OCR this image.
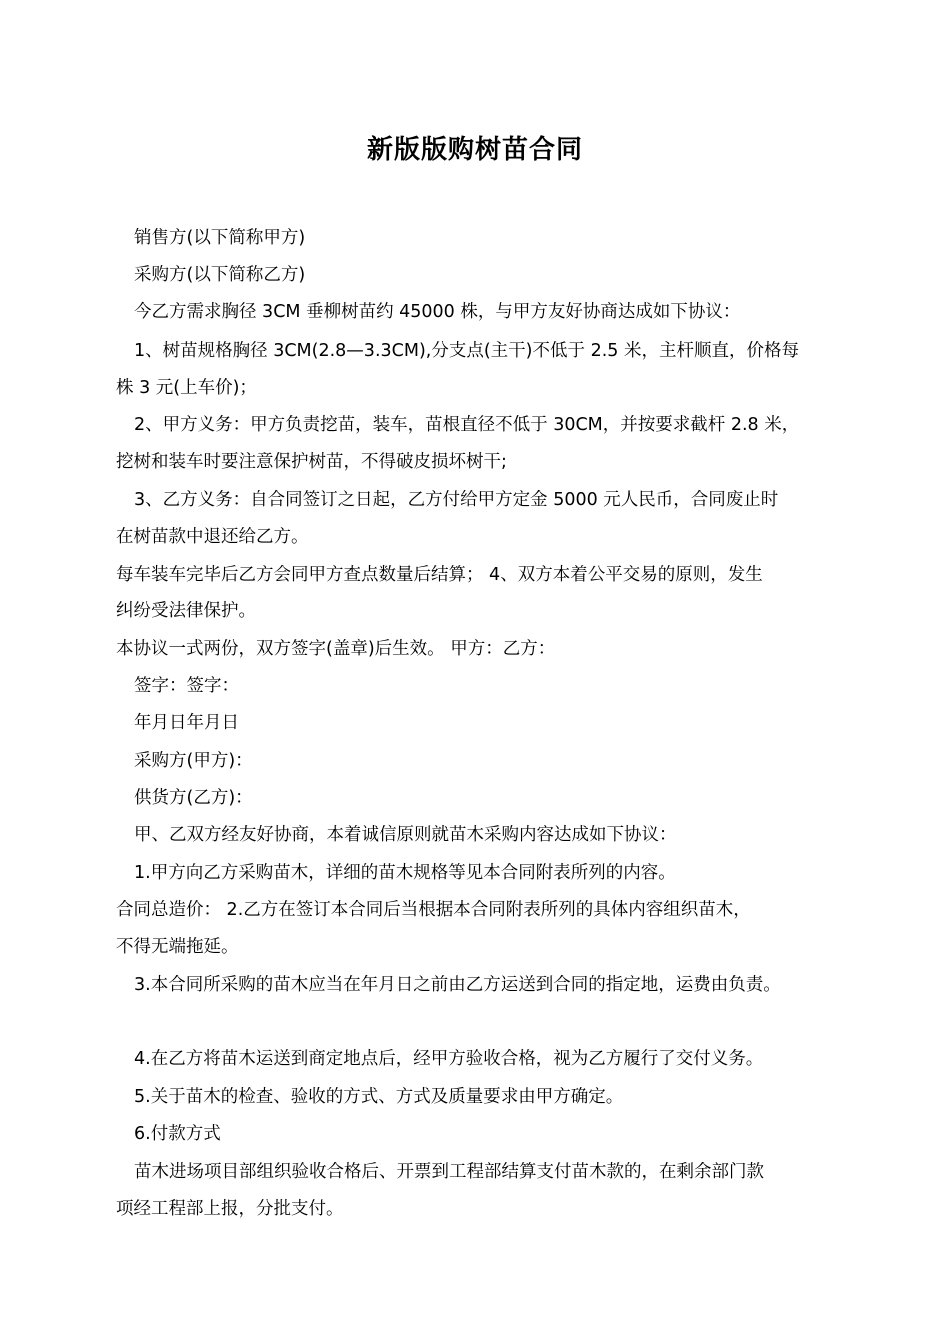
新版版购树苗合同
销售方(以下简称甲方)
采购方(以下简称乙方)
今乙方需求胸径 3CM 垂柳树苗约 45000 株，与甲方友好协商达成如下协议：
1、树苗规格胸径 3CM(2.8—3.3CM),分支点(主干)不低于 2.5 米，主杆顺直，价格每
株 3 元(上车价)；
2、甲方义务：甲方负责挖苗，装车，苗根直径不低于 30CM，并按要求截杆 2.8 米，
挖树和装车时要注意保护树苗，不得破皮损坏树干;
3、乙方义务：自合同签订之日起，乙方付给甲方定金 5000 元人民币，合同废止时
在树苗款中退还给乙方。
每车装车完毕后乙方会同甲方查点数量后结算； 4、双方本着公平交易的原则，发生
纠纷受法律保护。
本协议一式两份，双方签字(盖章)后生效。 甲方：乙方：
签字：签字：
年月日年月日
采购方(甲方)：
供货方(乙方)：
甲、乙双方经友好协商，本着诚信原则就苗木采购内容达成如下协议：
1.甲方向乙方采购苗木，详细的苗木规格等见本合同附表所列的内容。
合同总造价： 2.乙方在签订本合同后当根据本合同附表所列的具体内容组织苗木，
不得无端拖延。
3.本合同所采购的苗木应当在年月日之前由乙方运送到合同的指定地，运费由负责。
4.在乙方将苗木运送到商定地点后，经甲方验收合格，视为乙方履行了交付义务。
5.关于苗木的检查、验收的方式、方式及质量要求由甲方确定。
6.付款方式
苗木进场项目部组织验收合格后、开票到工程部结算支付苗木款的，在剩余部门款
项经工程部上报，分批支付。
